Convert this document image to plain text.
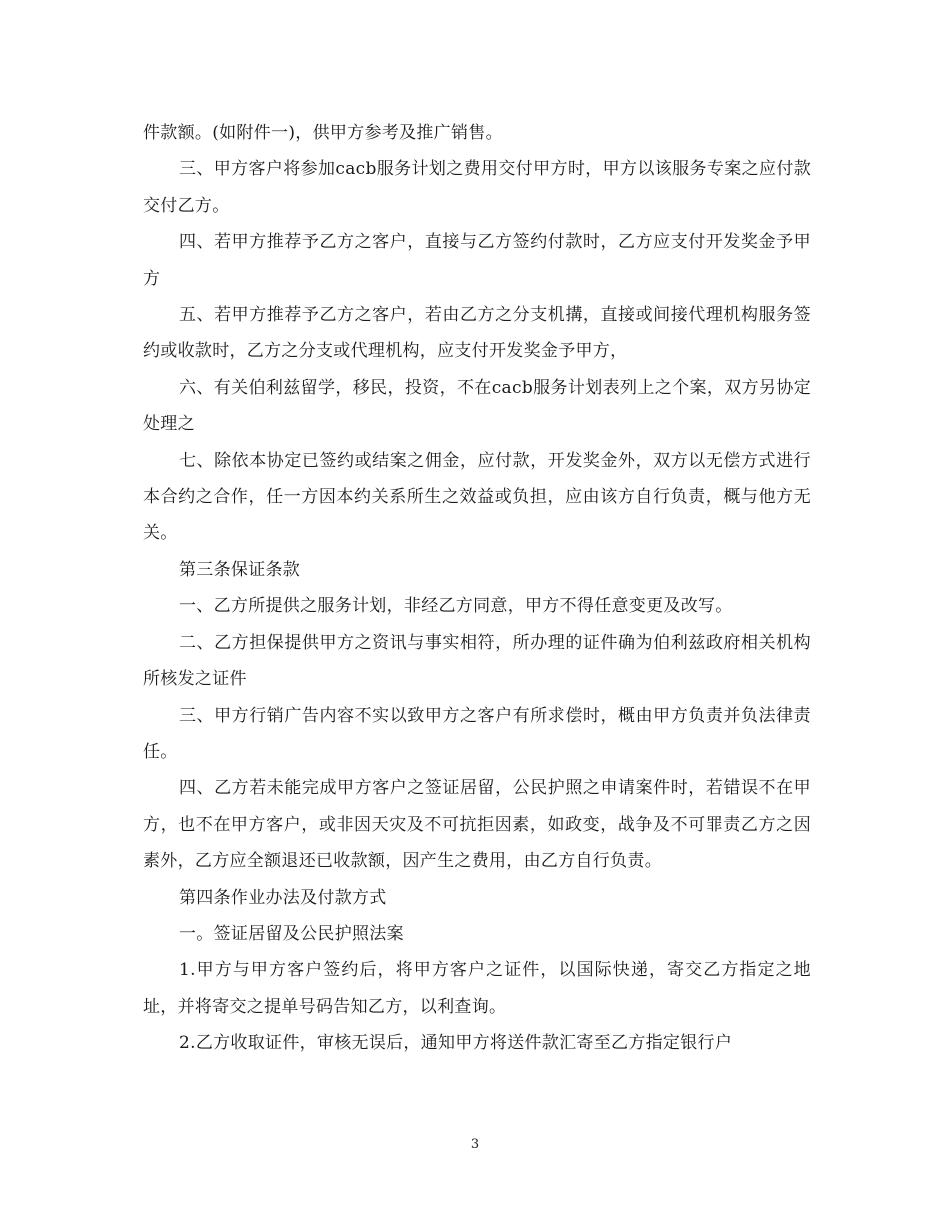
件款额。(如附件一)，供甲方参考及推广销售。

三、甲方客户将参加cacb服务计划之费用交付甲方时，甲方以该服务专案之应付款交付乙方。

四、若甲方推荐予乙方之客户，直接与乙方签约付款时，乙方应支付开发奖金予甲方

五、若甲方推荐予乙方之客户，若由乙方之分支机搆，直接或间接代理机构服务签约或收款时，乙方之分支或代理机构，应支付开发奖金予甲方，

六、有关伯利兹留学，移民，投资，不在cacb服务计划表列上之个案，双方另协定处理之

七、除依本协定已签约或结案之佣金，应付款，开发奖金外，双方以无偿方式进行本合约之合作，任一方因本约关系所生之效益或负担，应由该方自行负责，概与他方无关。

第三条保证条款

一、乙方所提供之服务计划，非经乙方同意，甲方不得任意变更及改写。

二、乙方担保提供甲方之资讯与事实相符，所办理的证件确为伯利兹政府相关机构所核发之证件

三、甲方行销广告内容不实以致甲方之客户有所求偿时，概由甲方负责并负法律责任。

四、乙方若未能完成甲方客户之签证居留，公民护照之申请案件时，若错误不在甲方，也不在甲方客户，或非因天灾及不可抗拒因素，如政变，战争及不可罪责乙方之因素外，乙方应全额退还已收款额，因产生之费用，由乙方自行负责。

第四条作业办法及付款方式

一。签证居留及公民护照法案

1.甲方与甲方客户签约后，将甲方客户之证件，以国际快递，寄交乙方指定之地址，并将寄交之提单号码告知乙方，以利查询。

2.乙方收取证件，审核无误后，通知甲方将送件款汇寄至乙方指定银行户

3
